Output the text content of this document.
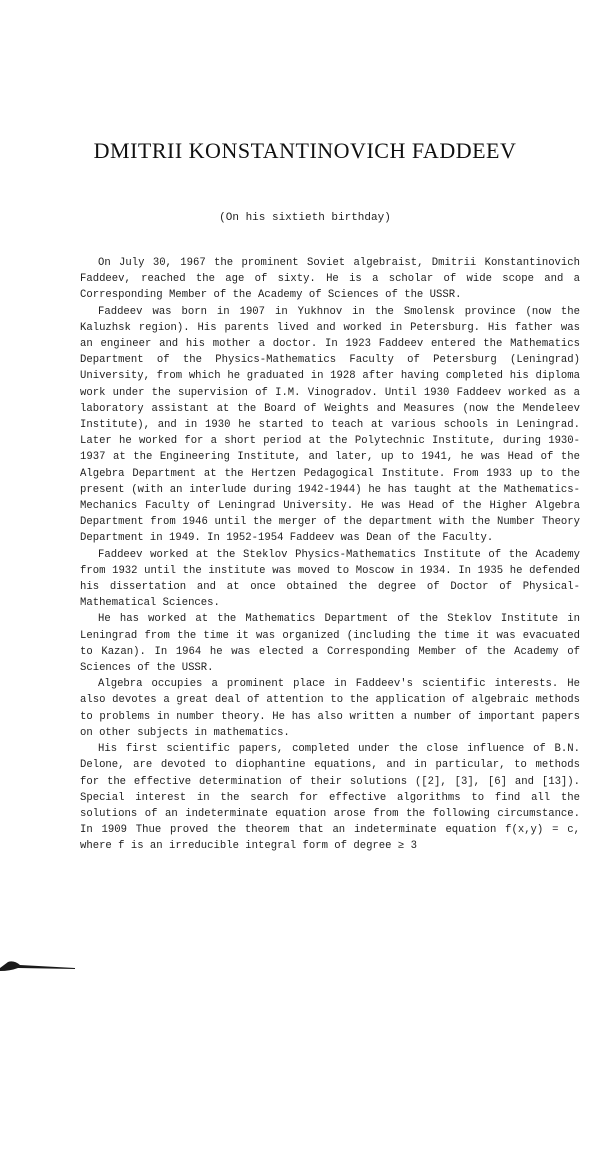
DMITRII KONSTANTINOVICH FADDEEV
(On his sixtieth birthday)

On July 30, 1967 the prominent Soviet algebraist, Dmitrii Konstantinovich Faddeev, reached the age of sixty. He is a scholar of wide scope and a Corresponding Member of the Academy of Sciences of the USSR.

Faddeev was born in 1907 in Yukhnov in the Smolensk province (now the Kaluzhsk region). His parents lived and worked in Petersburg. His father was an engineer and his mother a doctor. In 1923 Faddeev entered the Mathematics Department of the Physics-Mathematics Faculty of Petersburg (Leningrad) University, from which he graduated in 1928 after having completed his diploma work under the supervision of I.M. Vinogradov. Until 1930 Faddeev worked as a laboratory assistant at the Board of Weights and Measures (now the Mendeleev Institute), and in 1930 he started to teach at various schools in Leningrad. Later he worked for a short period at the Polytechnic Institute, during 1930-1937 at the Engineering Institute, and later, up to 1941, he was Head of the Algebra Department at the Hertzen Pedagogical Institute. From 1933 up to the present (with an interlude during 1942-1944) he has taught at the Mathematics-Mechanics Faculty of Leningrad University. He was Head of the Higher Algebra Department from 1946 until the merger of the department with the Number Theory Department in 1949. In 1952-1954 Faddeev was Dean of the Faculty.

Faddeev worked at the Steklov Physics-Mathematics Institute of the Academy from 1932 until the institute was moved to Moscow in 1934. In 1935 he defended his dissertation and at once obtained the degree of Doctor of Physical-Mathematical Sciences.

He has worked at the Mathematics Department of the Steklov Institute in Leningrad from the time it was organized (including the time it was evacuated to Kazan). In 1964 he was elected a Corresponding Member of the Academy of Sciences of the USSR.

Algebra occupies a prominent place in Faddeev's scientific interests. He also devotes a great deal of attention to the application of algebraic methods to problems in number theory. He has also written a number of important papers on other subjects in mathematics.

His first scientific papers, completed under the close influence of B.N. Delone, are devoted to diophantine equations, and in particular, to methods for the effective determination of their solutions ([2], [3], [6] and [13]). Special interest in the search for effective algorithms to find all the solutions of an indeterminate equation arose from the following circumstance. In 1909 Thue proved the theorem that an indeterminate equation f(x,y) = c, where f is an irreducible integral form of degree ≥ 3
